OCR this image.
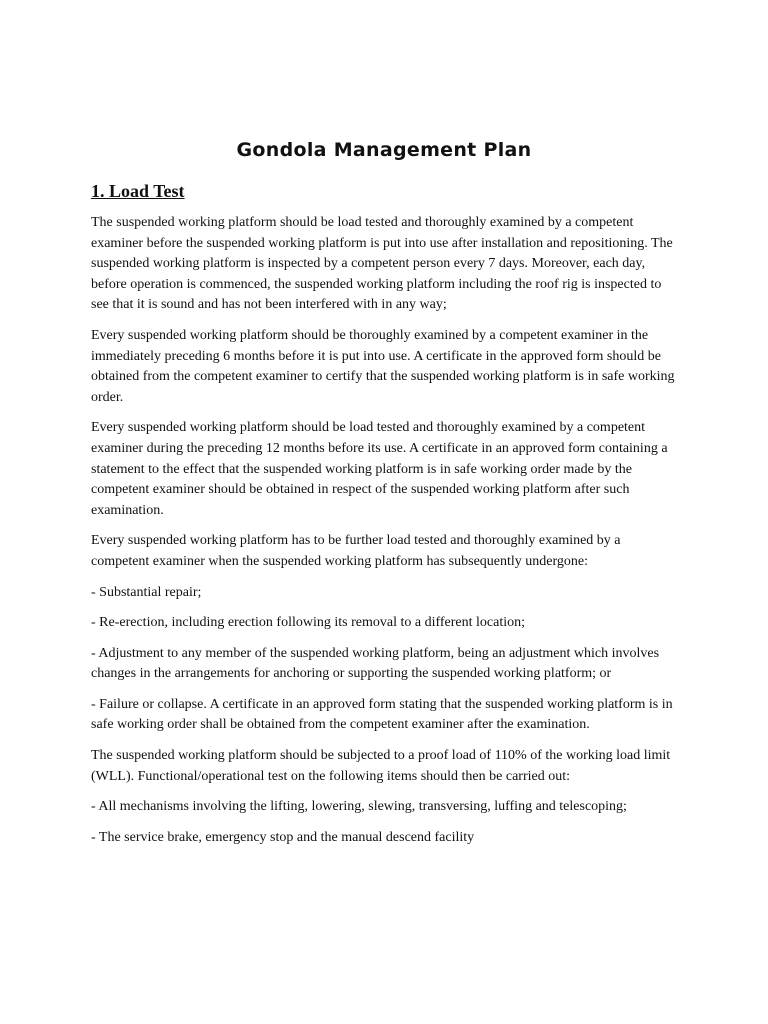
Gondola Management Plan
1. Load Test

The suspended working platform should be load tested and thoroughly examined by a competent examiner before the suspended working platform is put into use after installation and repositioning. The suspended working platform is inspected by a competent person every 7 days. Moreover, each day, before operation is commenced, the suspended working platform including the roof rig is inspected to see that it is sound and has not been interfered with in any way;

Every suspended working platform should be thoroughly examined by a competent examiner in the immediately preceding 6 months before it is put into use. A certificate in the approved form should be obtained from the competent examiner to certify that the suspended working platform is in safe working order.

Every suspended working platform should be load tested and thoroughly examined by a competent examiner during the preceding 12 months before its use. A certificate in an approved form containing a statement to the effect that the suspended working platform is in safe working order made by the competent examiner should be obtained in respect of the suspended working platform after such examination.

Every suspended working platform has to be further load tested and thoroughly examined by a competent examiner when the suspended working platform has subsequently undergone:

- Substantial repair;

- Re-erection, including erection following its removal to a different location;

- Adjustment to any member of the suspended working platform, being an adjustment which involves changes in the arrangements for anchoring or supporting the suspended working platform; or

- Failure or collapse. A certificate in an approved form stating that the suspended working platform is in safe working order shall be obtained from the competent examiner after the examination.

The suspended working platform should be subjected to a proof load of 110% of the working load limit (WLL). Functional/operational test on the following items should then be carried out:

- All mechanisms involving the lifting, lowering, slewing, transversing, luffing and telescoping;

- The service brake, emergency stop and the manual descend facility
